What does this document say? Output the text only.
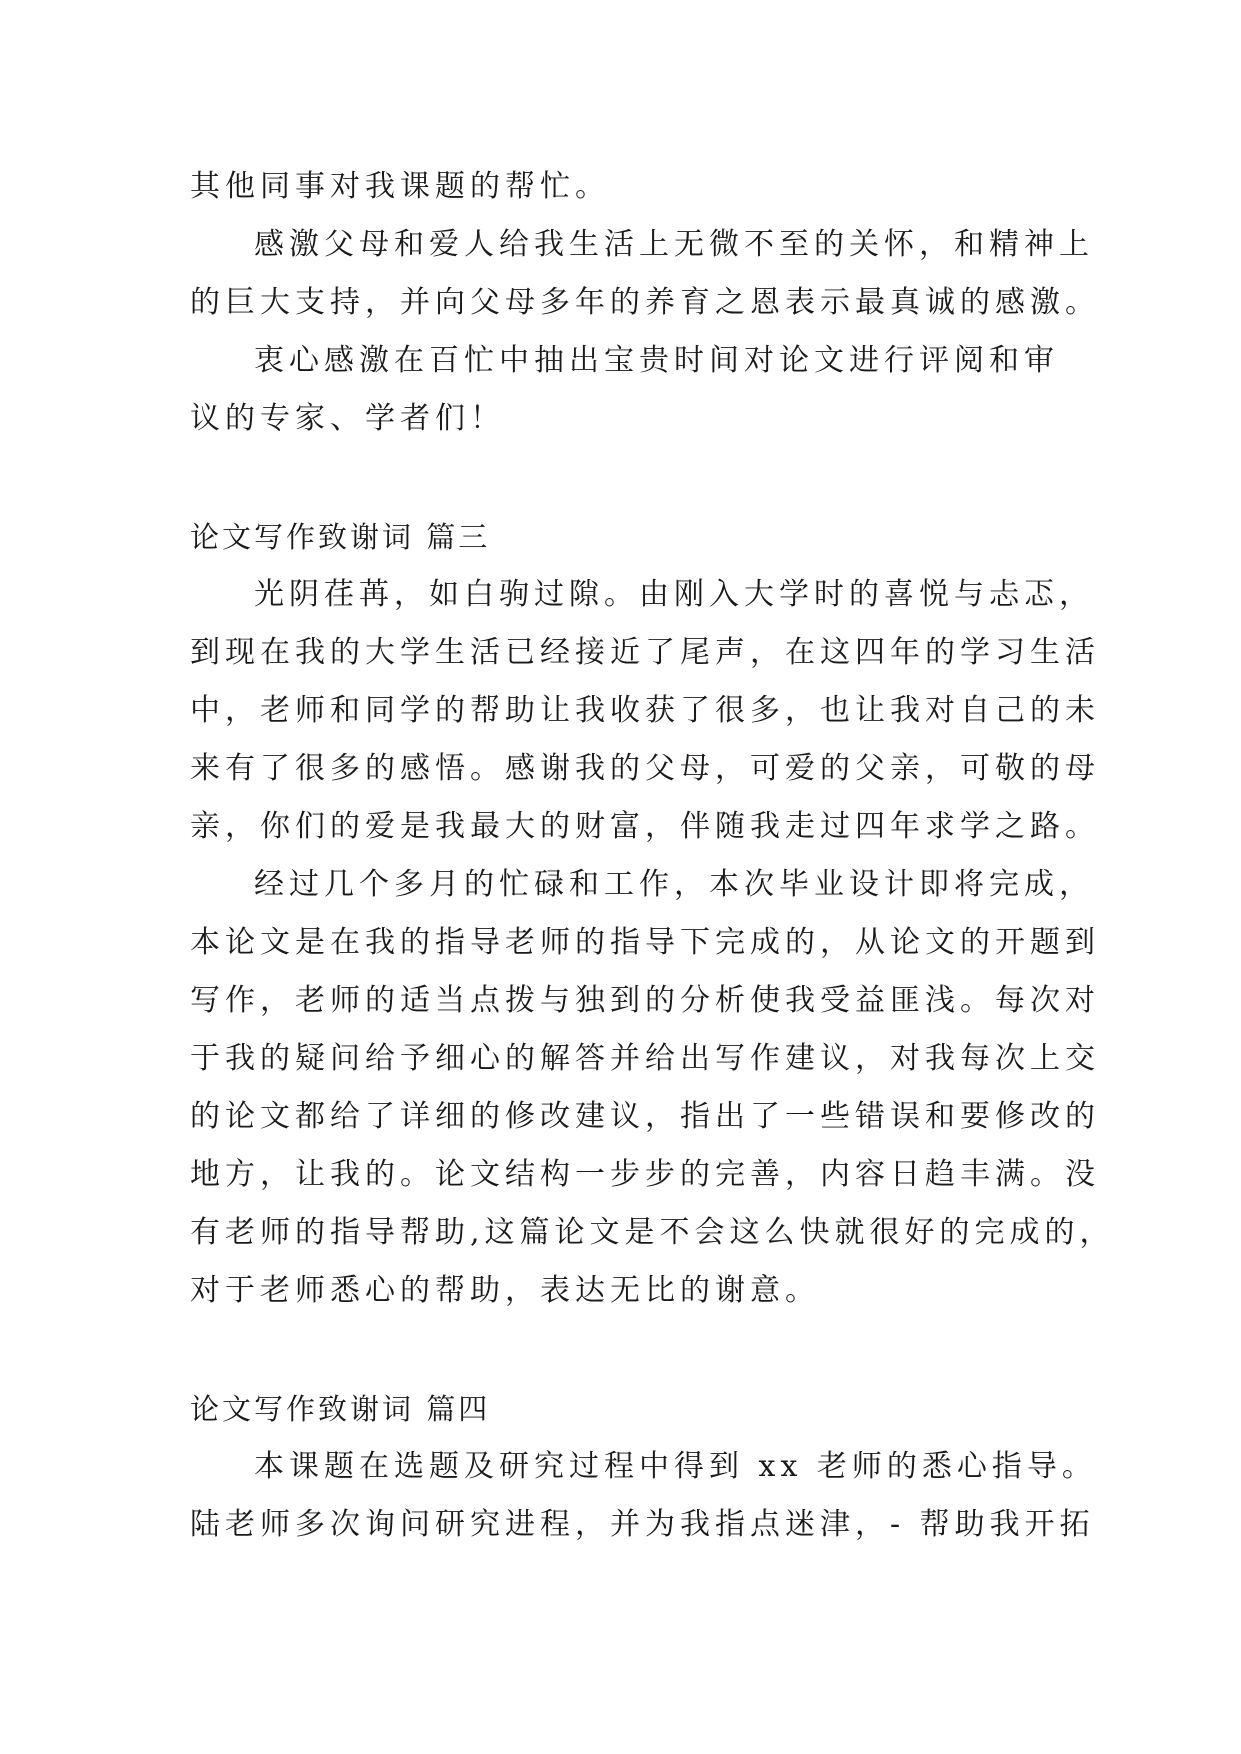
其他同事对我课题的帮忙。
感激父母和爱人给我生活上无微不至的关怀，和精神上
的巨大支持，并向父母多年的养育之恩表示最真诚的感激。
衷心感激在百忙中抽出宝贵时间对论文进行评阅和审
议的专家、学者们！
论文写作致谢词 篇三
光阴荏苒，如白驹过隙。由刚入大学时的喜悦与忐忑，
到现在我的大学生活已经接近了尾声，在这四年的学习生活
中，老师和同学的帮助让我收获了很多，也让我对自己的未
来有了很多的感悟。感谢我的父母，可爱的父亲，可敬的母
亲，你们的爱是我最大的财富，伴随我走过四年求学之路。
经过几个多月的忙碌和工作，本次毕业设计即将完成，
本论文是在我的指导老师的指导下完成的，从论文的开题到
写作，老师的适当点拨与独到的分析使我受益匪浅。每次对
于我的疑问给予细心的解答并给出写作建议，对我每次上交
的论文都给了详细的修改建议，指出了一些错误和要修改的
地方，让我的。论文结构一步步的完善，内容日趋丰满。没
有老师的指导帮助,这篇论文是不会这么快就很好的完成的，
对于老师悉心的帮助，表达无比的谢意。
论文写作致谢词 篇四
本课题在选题及研究过程中得到 xx 老师的悉心指导。
陆老师多次询问研究进程，并为我指点迷津，- 帮助我开拓
